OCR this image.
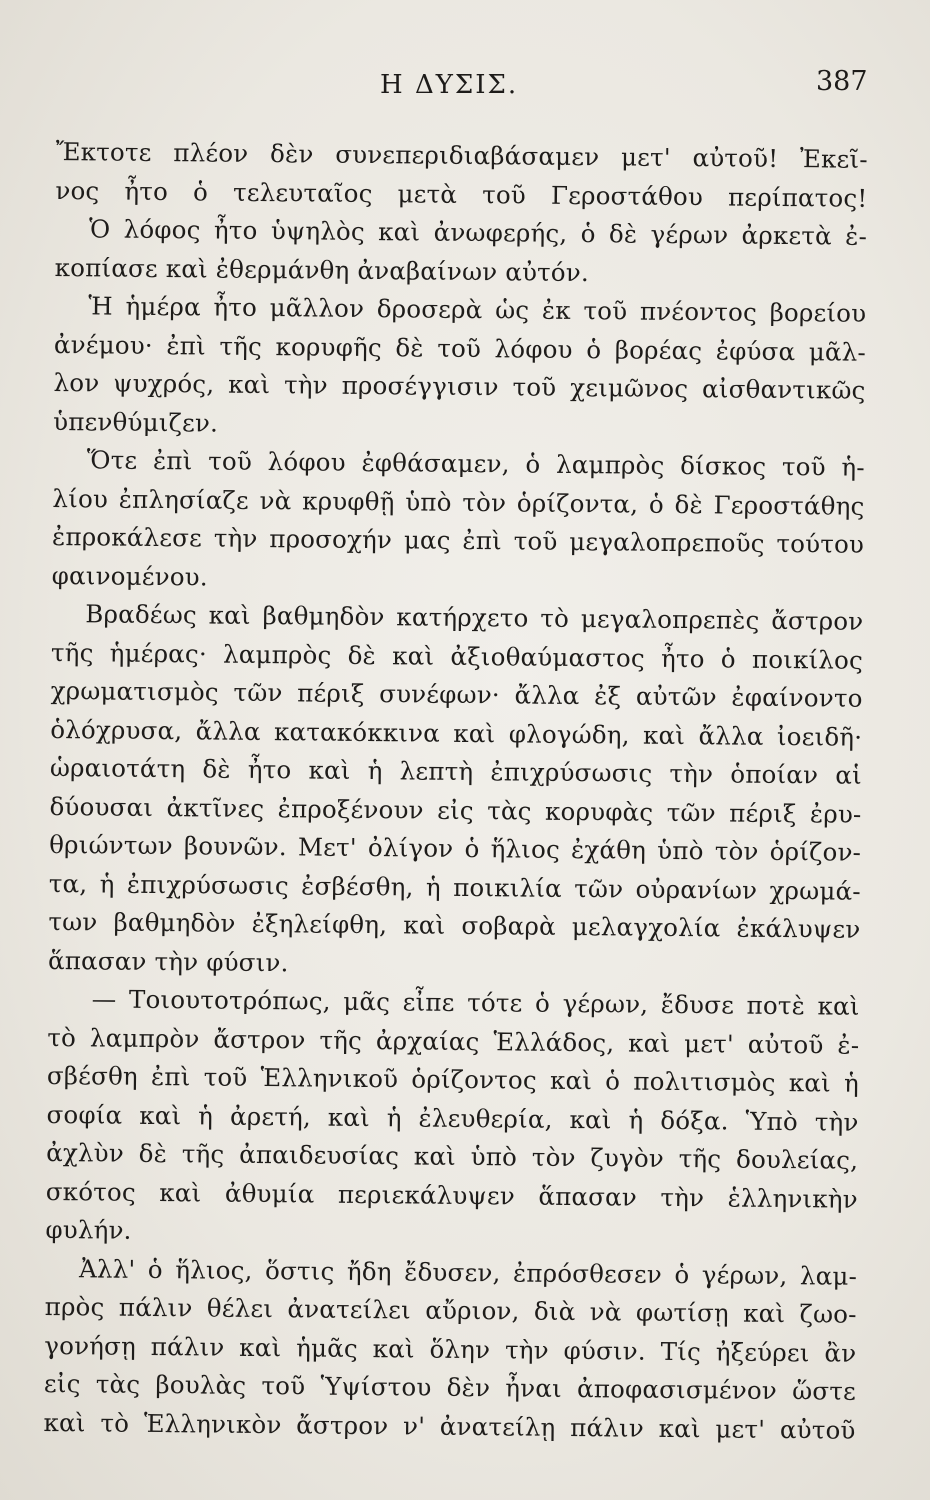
Η ΔΥΣΙΣ.	387
Ἔκτοτε πλέον δὲν συνεπεριδιαβάσαμεν μετ' αὐτοῦ! Ἐκεῖ-
νος ἦτο ὁ τελευταῖος μετὰ τοῦ Γεροστάθου περίπατος!
Ὁ λόφος ἦτο ὑψηλὸς καὶ ἀνωφερής, ὁ δὲ γέρων ἀρκετὰ ἐ-
κοπίασε καὶ ἐθερμάνθη ἀναβαίνων αὐτόν.
Ἡ ἡμέρα ἦτο μᾶλλον δροσερὰ ὡς ἐκ τοῦ πνέοντος βορείου
ἀνέμου· ἐπὶ τῆς κορυφῆς δὲ τοῦ λόφου ὁ βορέας ἐφύσα μᾶλ-
λον ψυχρός, καὶ τὴν προσέγγισιν τοῦ χειμῶνος αἰσθαντικῶς
ὑπενθύμιζεν.
Ὅτε ἐπὶ τοῦ λόφου ἐφθάσαμεν, ὁ λαμπρὸς δίσκος τοῦ ἡ-
λίου ἐπλησίαζε νὰ κρυφθῇ ὑπὸ τὸν ὁρίζοντα, ὁ δὲ Γεροστάθης
ἐπροκάλεσε τὴν προσοχήν μας ἐπὶ τοῦ μεγαλοπρεποῦς τούτου
φαινομένου.
Βραδέως καὶ βαθμηδὸν κατήρχετο τὸ μεγαλοπρεπὲς ἄστρον
τῆς ἡμέρας· λαμπρὸς δὲ καὶ ἀξιοθαύμαστος ἦτο ὁ ποικίλος
χρωματισμὸς τῶν πέριξ συνέφων· ἄλλα ἐξ αὐτῶν ἐφαίνοντο
ὁλόχρυσα, ἄλλα κατακόκκινα καὶ φλογώδη, καὶ ἄλλα ἰοειδῆ·
ὡραιοτάτη δὲ ἦτο καὶ ἡ λεπτὴ ἐπιχρύσωσις τὴν ὁποίαν αἱ
δύουσαι ἀκτῖνες ἐπροξένουν εἰς τὰς κορυφὰς τῶν πέριξ ἐρυ-
θριώντων βουνῶν. Μετ' ὀλίγον ὁ ἥλιος ἐχάθη ὑπὸ τὸν ὁρίζον-
τα, ἡ ἐπιχρύσωσις ἐσβέσθη, ἡ ποικιλία τῶν οὐρανίων χρωμά-
των βαθμηδὸν ἐξηλείφθη, καὶ σοβαρὰ μελαγχολία ἐκάλυψεν
ἅπασαν τὴν φύσιν.
— Τοιουτοτρόπως, μᾶς εἶπε τότε ὁ γέρων, ἔδυσε ποτὲ καὶ
τὸ λαμπρὸν ἄστρον τῆς ἀρχαίας Ἑλλάδος, καὶ μετ' αὐτοῦ ἐ-
σβέσθη ἐπὶ τοῦ Ἑλληνικοῦ ὁρίζοντος καὶ ὁ πολιτισμὸς καὶ ἡ
σοφία καὶ ἡ ἀρετή, καὶ ἡ ἐλευθερία, καὶ ἡ δόξα. Ὑπὸ τὴν
ἀχλὺν δὲ τῆς ἀπαιδευσίας καὶ ὑπὸ τὸν ζυγὸν τῆς δουλείας,
σκότος καὶ ἀθυμία περιεκάλυψεν ἅπασαν τὴν ἑλληνικὴν
φυλήν.
Ἀλλ' ὁ ἥλιος, ὅστις ἤδη ἔδυσεν, ἐπρόσθεσεν ὁ γέρων, λαμ-
πρὸς πάλιν θέλει ἀνατείλει αὔριον, διὰ νὰ φωτίσῃ καὶ ζωο-
γονήσῃ πάλιν καὶ ἡμᾶς καὶ ὅλην τὴν φύσιν. Τίς ἠξεύρει ἂν
εἰς τὰς βουλὰς τοῦ Ὑψίστου δὲν ἦναι ἀποφασισμένον ὥστε
καὶ τὸ Ἑλληνικὸν ἄστρον ν' ἀνατείλῃ πάλιν καὶ μετ' αὐτοῦ
